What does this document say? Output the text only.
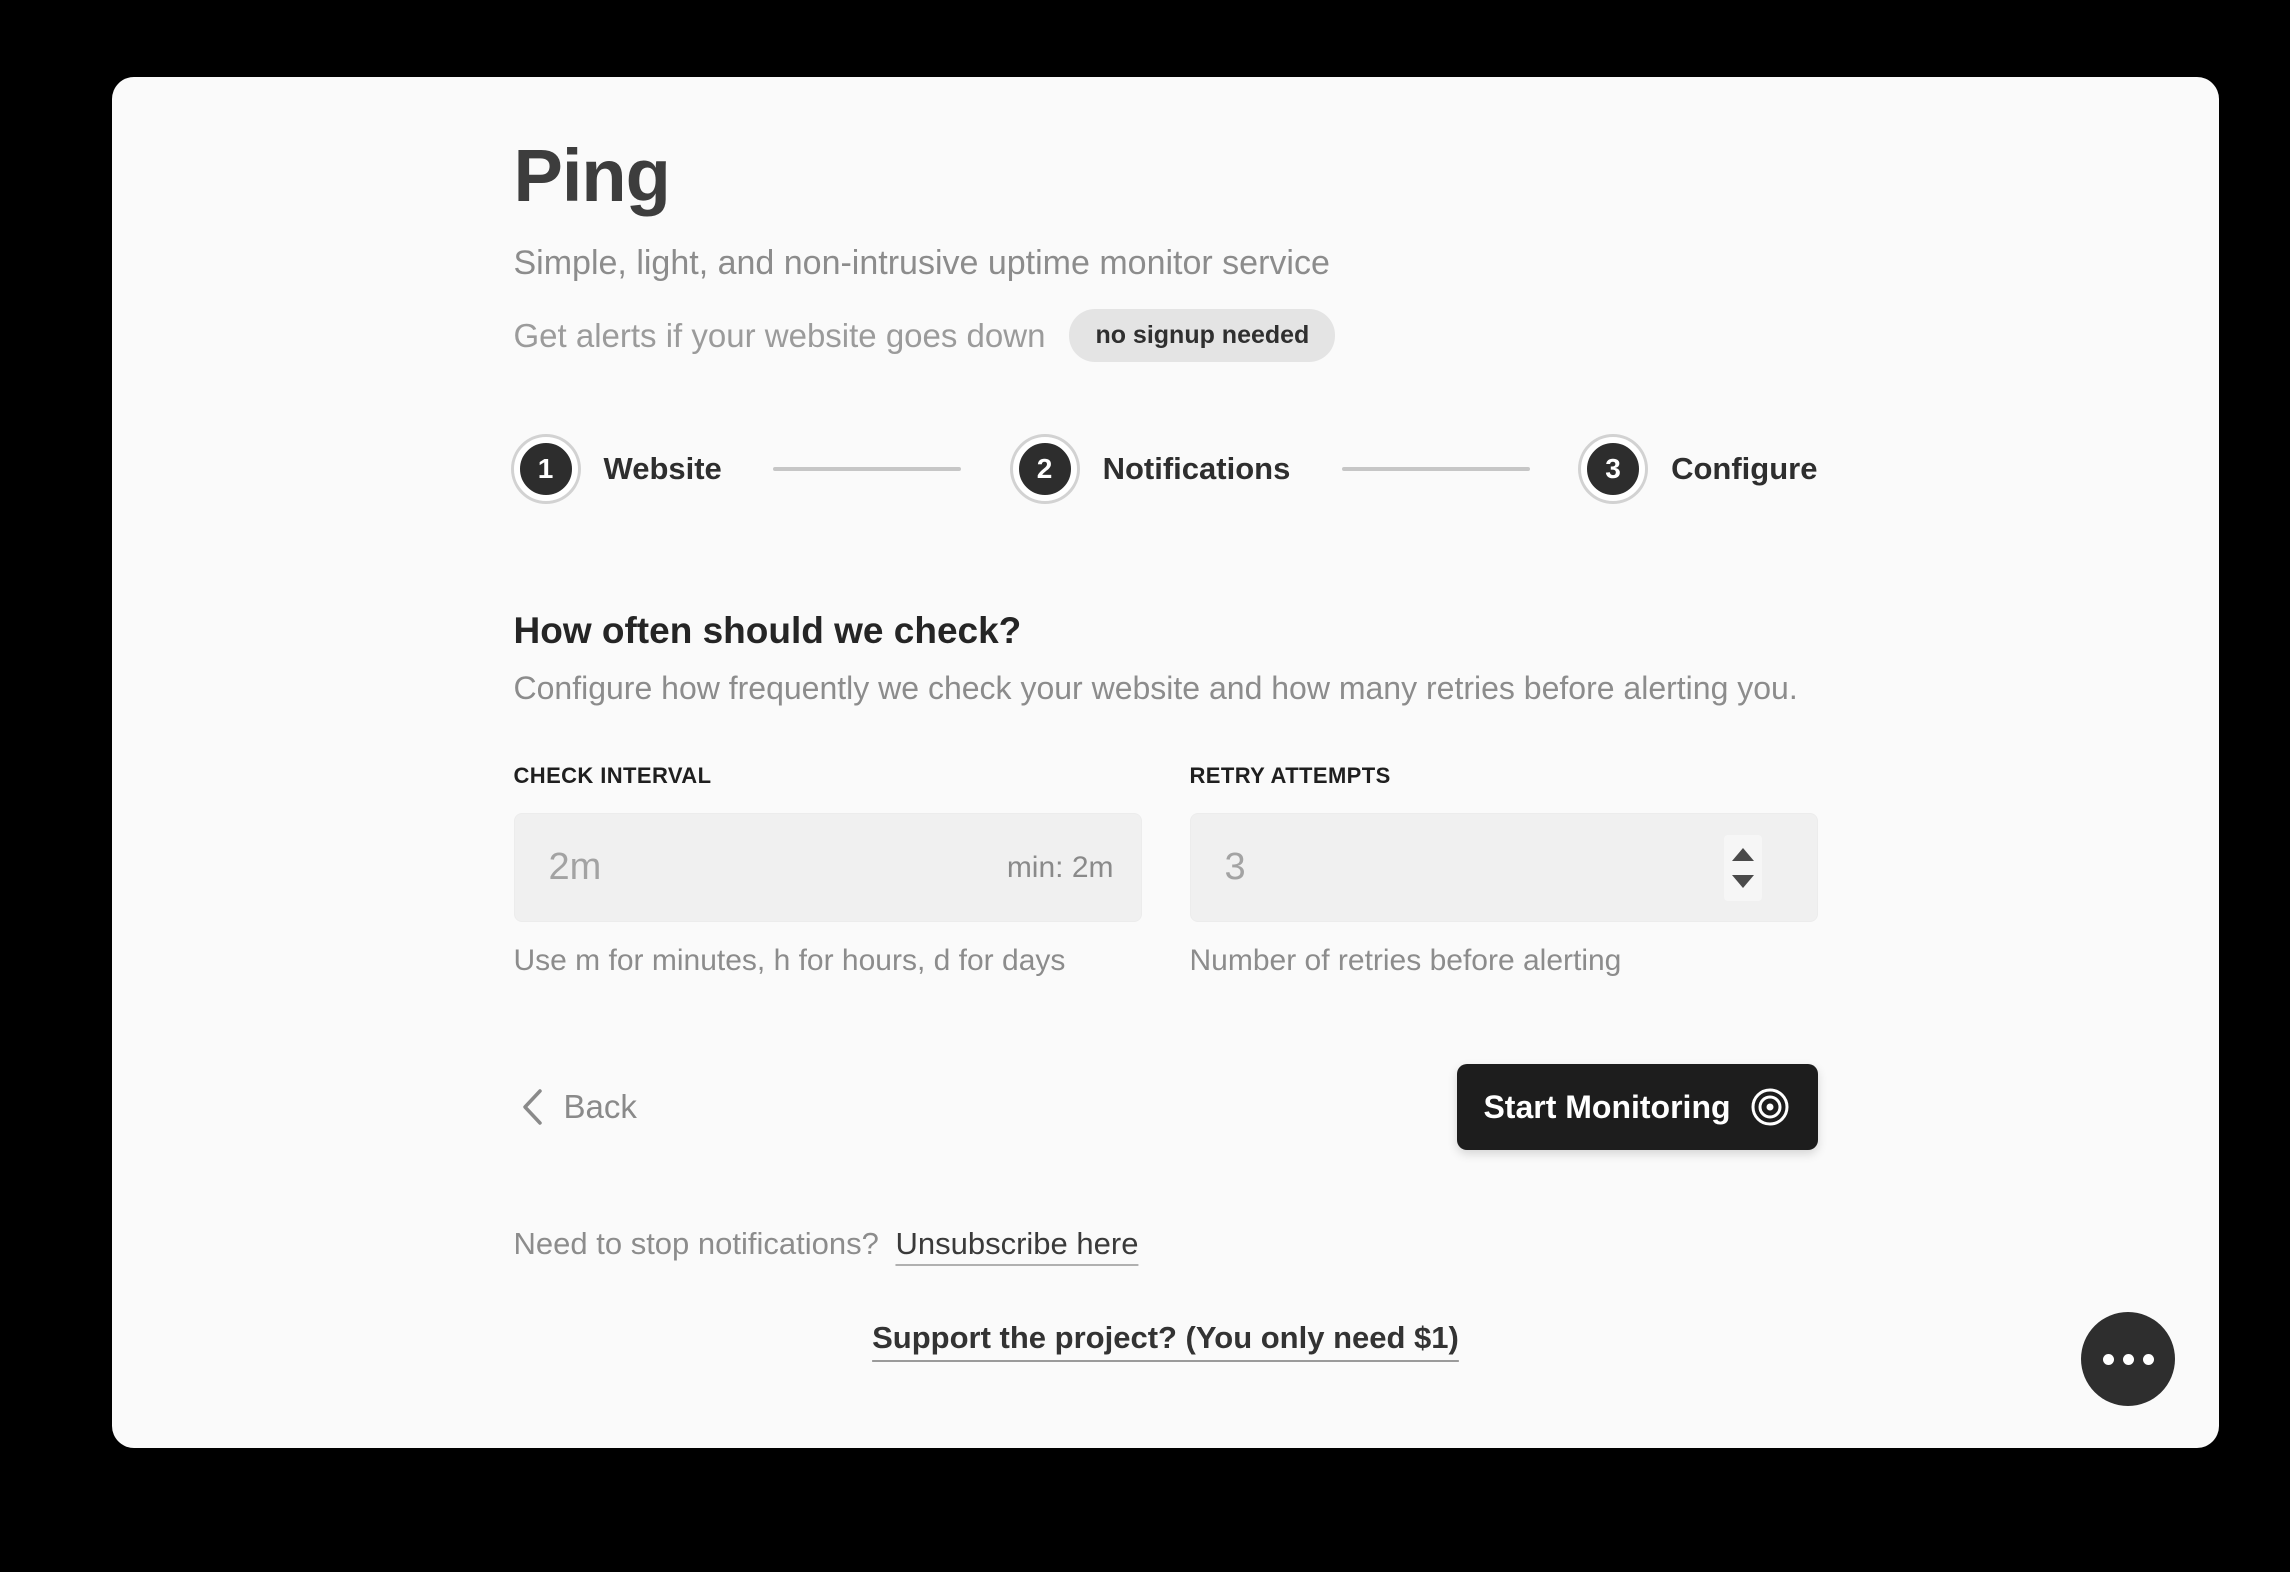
Ping

Simple, light, and non-intrusive uptime monitor service

Get alerts if your website goes down	no signup needed
1	Website	2	Notifications	3	Configure
How often should we check?

Configure how frequently we check your website and how many retries before alerting you.

CHECK INTERVAL
2m
min: 2m
Use m for minutes, h for hours, d for days
RETRY ATTEMPTS
3
Number of retries before alerting
Back	Start Monitoring
Need to stop notifications? Unsubscribe here
Support the project? (You only need $1)
